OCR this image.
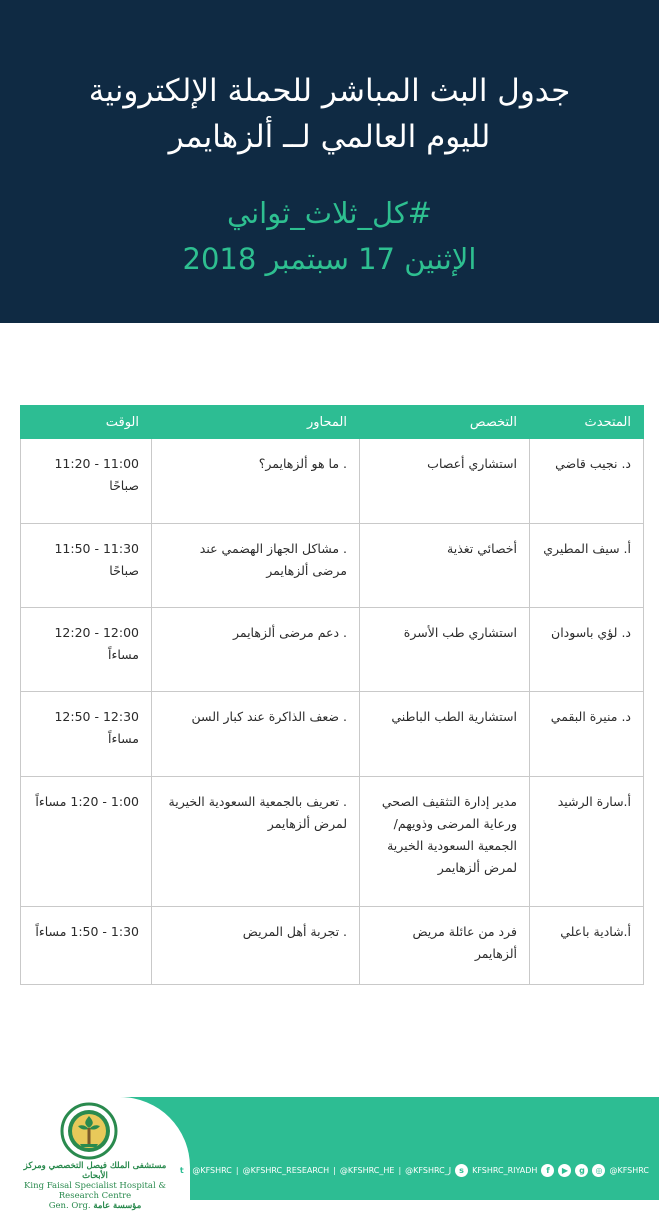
جدول البث المباشر للحملة الإلكترونية

لليوم العالمي لــ ألزهايمر

#كل_ثلاث_ثواني

الإثنين 17 سبتمبر 2018

المتحدث	التخصص	المحاور	الوقت
د. نجيب قاضي	استشاري أعصاب	. ما هو ألزهايمر؟	11:00 - 11:20 صباحًا
أ. سيف المطيري	أخصائي تغذية	. مشاكل الجهاز الهضمي عند مرضى ألزهايمر	11:30 - 11:50 صباحًا
د. لؤي باسودان	استشاري طب الأسرة	. دعم مرضى ألزهايمر	12:00 - 12:20 مساءاً
د. منيرة البقمي	استشارية الطب الباطني	. ضعف الذاكرة عند كبار السن	12:30 - 12:50 مساءاً
أ.سارة الرشيد	مدير إدارة التثقيف الصحي ورعاية المرضى وذويهم/الجمعية السعودية الخيرية لمرض ألزهايمر	. تعريف بالجمعية السعودية الخيرية لمرض ألزهايمر	1:00 - 1:20 مساءاً
أ.شادية باعلي	فرد من عائلة مريض ألزهايمر	. تجربة أهل المريض	1:30 - 1:50 مساءاً
مستشفى الملك فيصل التخصصي ومركز الأبحاث
King Faisal Specialist Hospital & Research Centre
Gen. Org. مؤسسة عامة
t	@KFSHRC | @KFSHRC_RESEARCH | @KFSHRC_HE | @KFSHRC_J	s	KFSHRC_RIYADH	f	▶	g	◎ @KFSHRC
